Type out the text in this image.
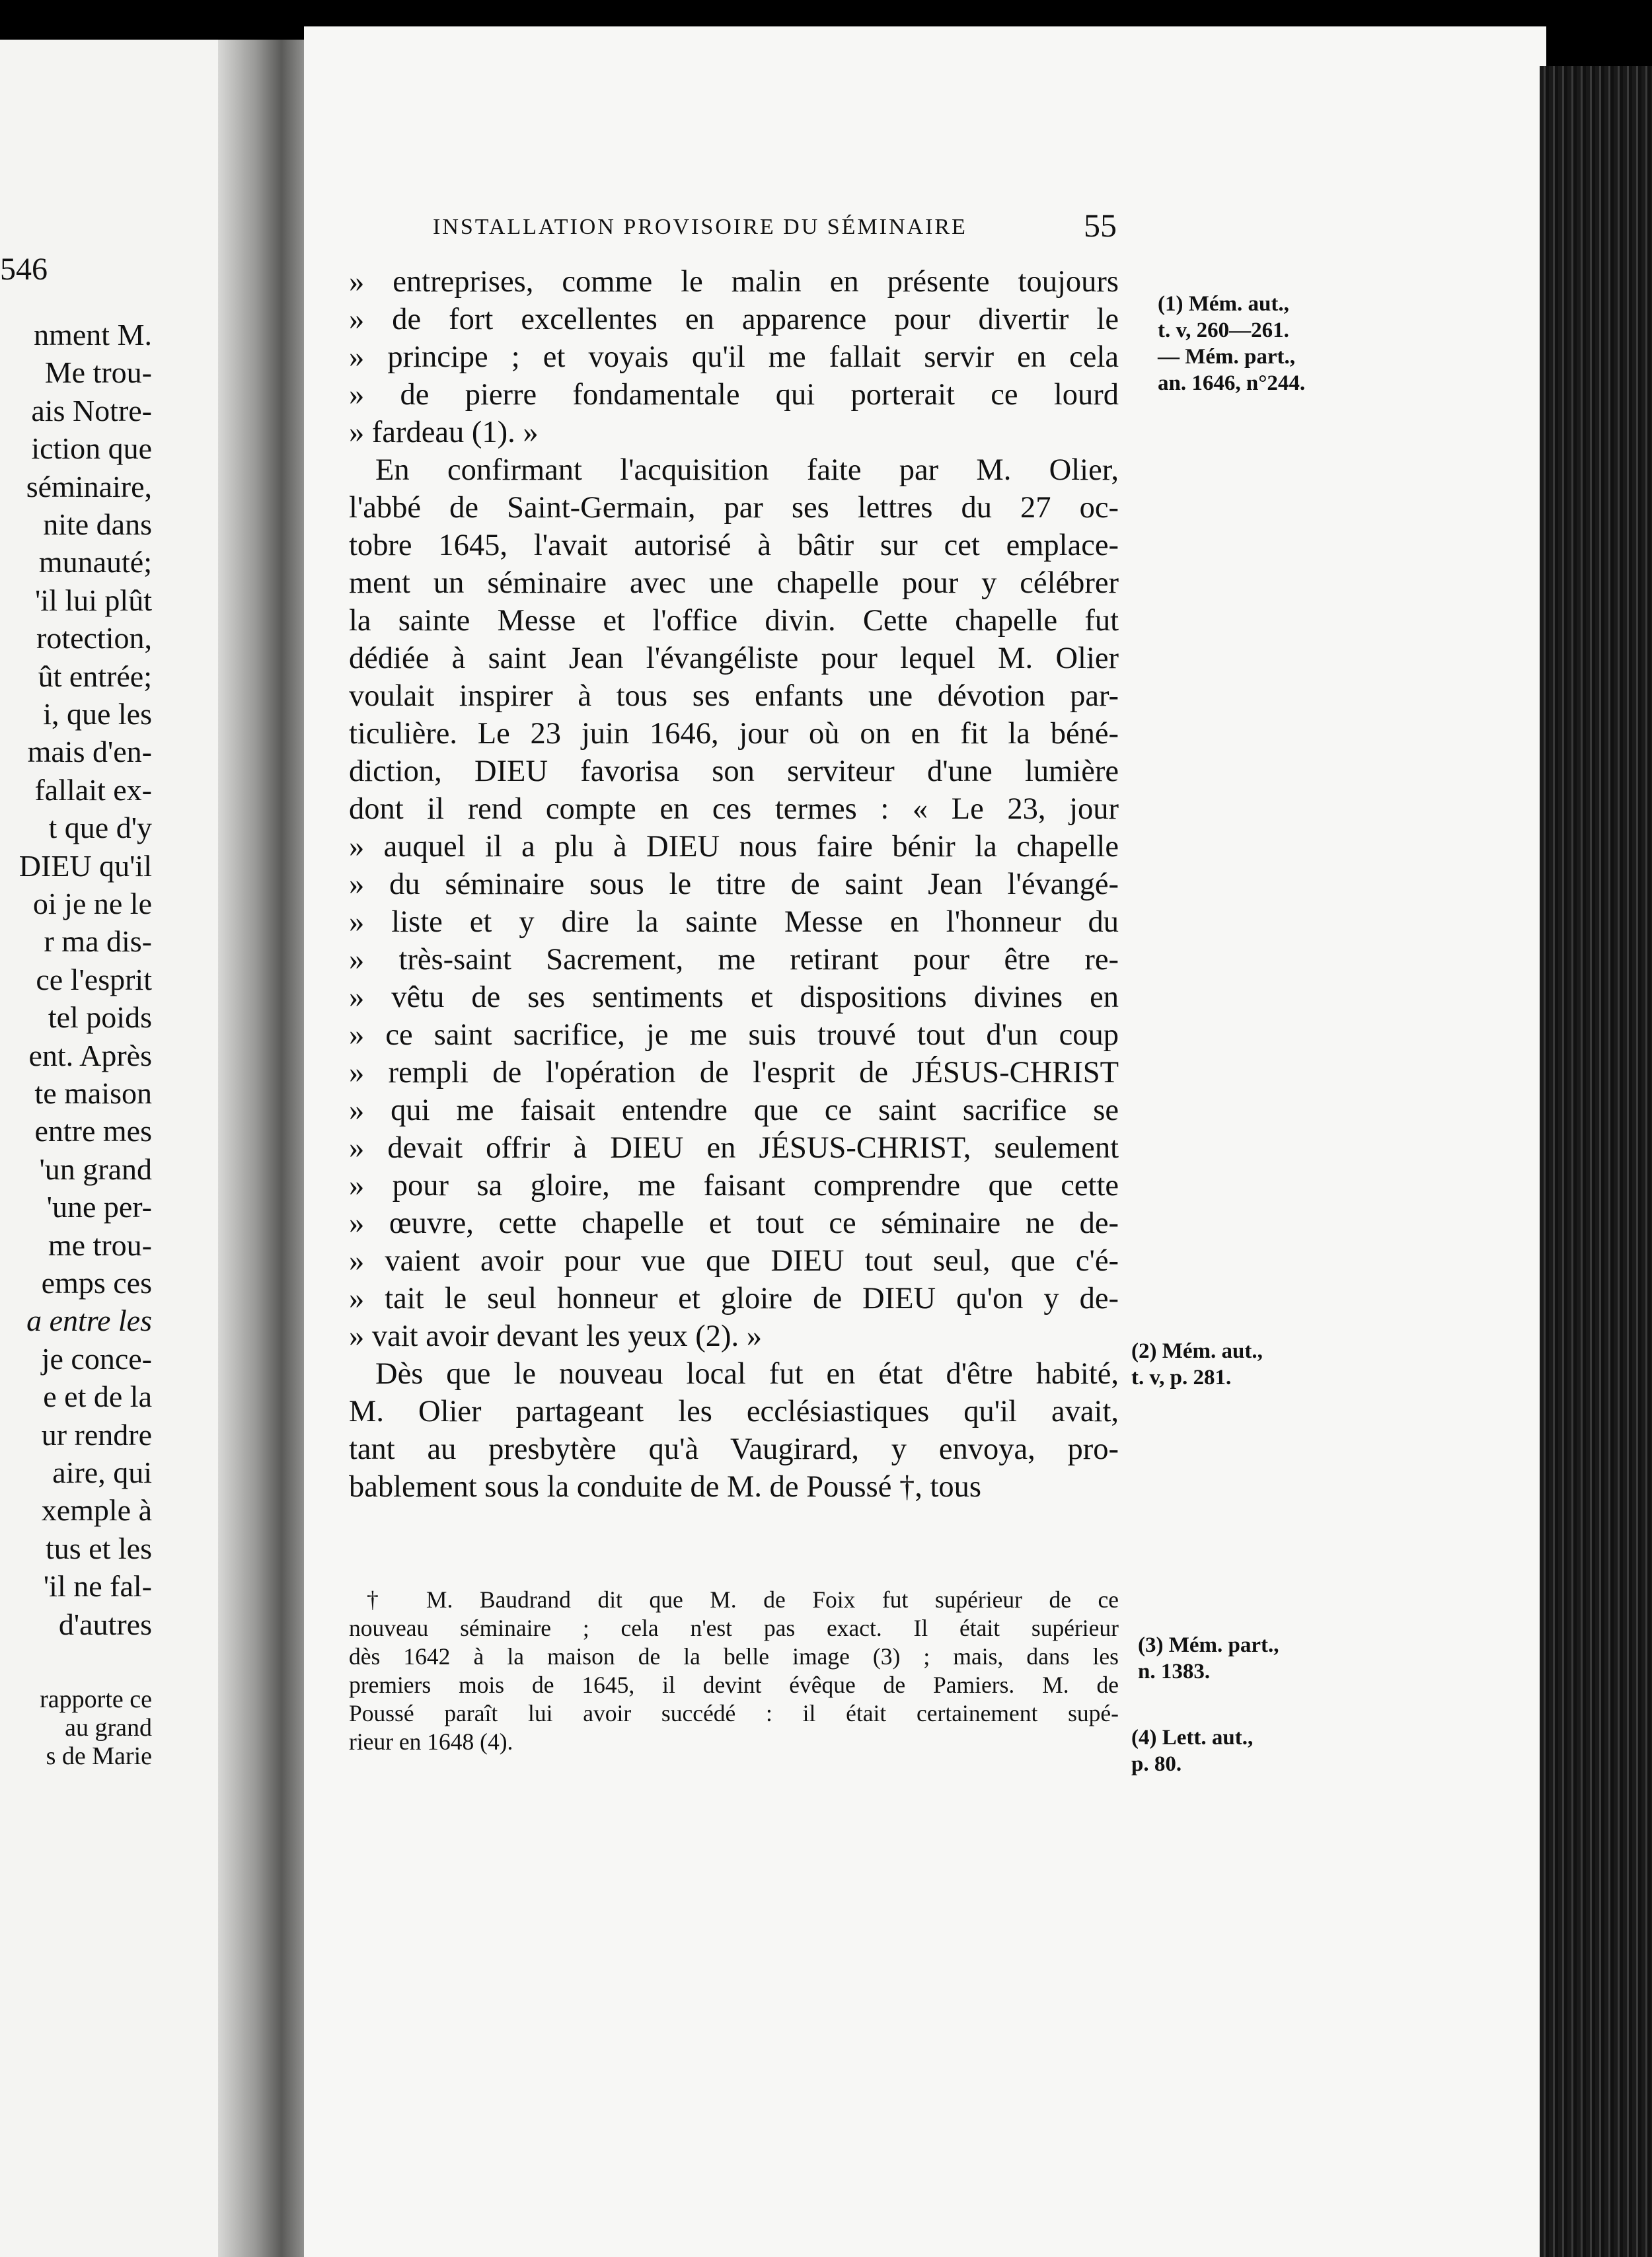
546
nment M.
Me trou-
ais Notre-
iction que
séminaire,
nite dans
munauté;
'il lui plût
rotection,
ût entrée;
i, que les
mais d'en-
fallait ex-
t que d'y
DIEU qu'il
oi je ne le
r ma dis-
ce l'esprit
tel poids
ent. Après
te maison
entre mes
'un grand
'une per-
me trou-
emps ces
a entre les
je conce-
e et de la
ur rendre
aire, qui
xemple à
tus et les
'il ne fal-
d'autres
rapporte ce
au grand
s de Marie
INSTALLATION PROVISOIRE DU SÉMINAIRE	55
» entreprises, comme le malin en présente toujours
» de fort excellentes en apparence pour divertir le
» principe ; et voyais qu'il me fallait servir en cela
» de pierre fondamentale qui porterait ce lourd
» fardeau (1). »
En confirmant l'acquisition faite par M. Olier,
l'abbé de Saint-Germain, par ses lettres du 27 oc-
tobre 1645, l'avait autorisé à bâtir sur cet emplace-
ment un séminaire avec une chapelle pour y célébrer
la sainte Messe et l'office divin. Cette chapelle fut
dédiée à saint Jean l'évangéliste pour lequel M. Olier
voulait inspirer à tous ses enfants une dévotion par-
ticulière. Le 23 juin 1646, jour où on en fit la béné-
diction, DIEU favorisa son serviteur d'une lumière
dont il rend compte en ces termes : « Le 23, jour
» auquel il a plu à DIEU nous faire bénir la chapelle
» du séminaire sous le titre de saint Jean l'évangé-
» liste et y dire la sainte Messe en l'honneur du
» très-saint Sacrement, me retirant pour être re-
» vêtu de ses sentiments et dispositions divines en
» ce saint sacrifice, je me suis trouvé tout d'un coup
» rempli de l'opération de l'esprit de JÉSUS-CHRIST
» qui me faisait entendre que ce saint sacrifice se
» devait offrir à DIEU en JÉSUS-CHRIST, seulement
» pour sa gloire, me faisant comprendre que cette
» œuvre, cette chapelle et tout ce séminaire ne de-
» vaient avoir pour vue que DIEU tout seul, que c'é-
» tait le seul honneur et gloire de DIEU qu'on y de-
» vait avoir devant les yeux (2). »
Dès que le nouveau local fut en état d'être habité,
M. Olier partageant les ecclésiastiques qu'il avait,
tant au presbytère qu'à Vaugirard, y envoya, pro-
bablement sous la conduite de M. de Poussé †, tous
† M. Baudrand dit que M. de Foix fut supérieur de ce
nouveau séminaire ; cela n'est pas exact. Il était supérieur
dès 1642 à la maison de la belle image (3) ; mais, dans les
premiers mois de 1645, il devint évêque de Pamiers. M. de
Poussé paraît lui avoir succédé : il était certainement supé-
rieur en 1648 (4).
(1) Mém. aut.,
t. v, 260—261.
— Mém. part.,
an. 1646, n°244.
(2) Mém. aut.,
t. v, p. 281.
(3) Mém. part.,
n. 1383.
(4) Lett. aut.,
p. 80.
